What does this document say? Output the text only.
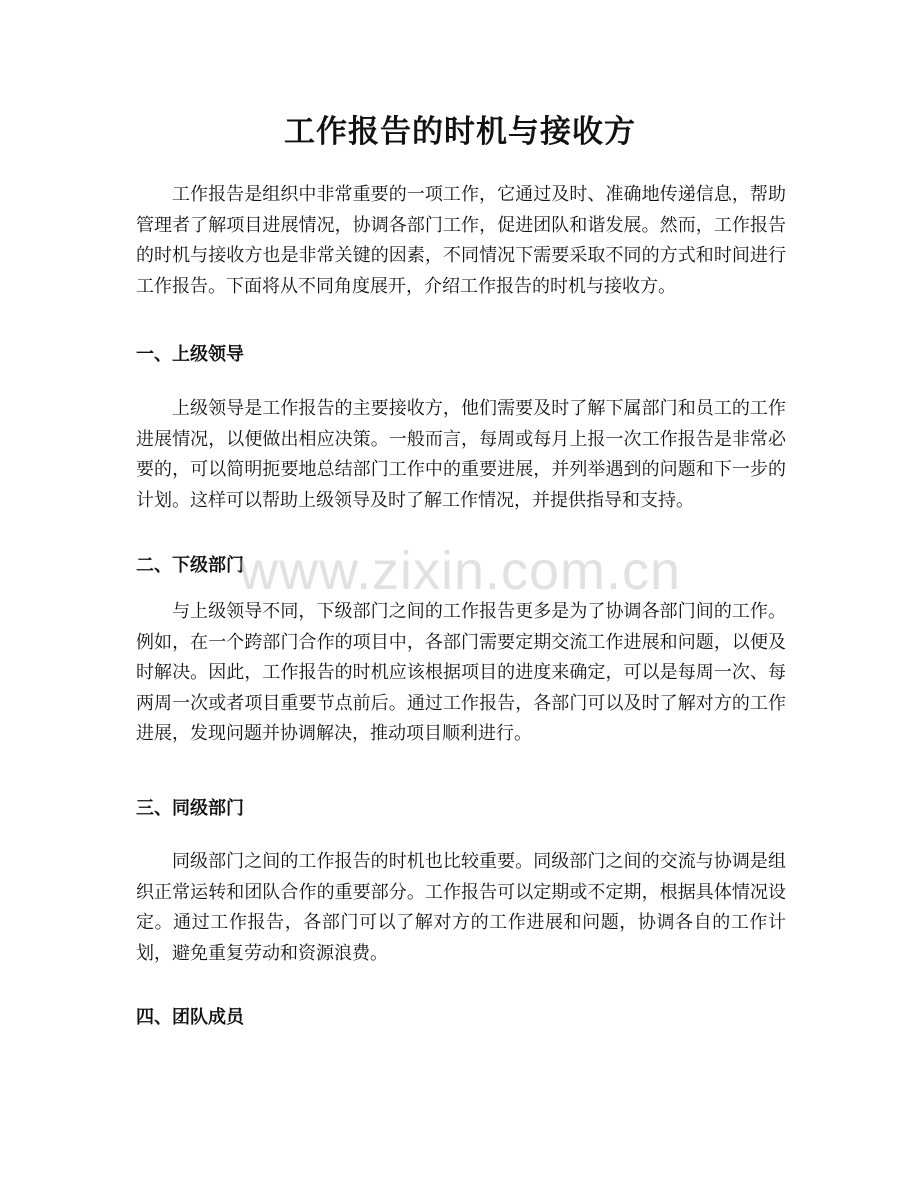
工作报告的时机与接收方

工作报告是组织中非常重要的一项工作，它通过及时、准确地传递信息，帮助管理者了解项目进展情况，协调各部门工作，促进团队和谐发展。然而，工作报告的时机与接收方也是非常关键的因素，不同情况下需要采取不同的方式和时间进行工作报告。下面将从不同角度展开，介绍工作报告的时机与接收方。

一、上级领导

上级领导是工作报告的主要接收方，他们需要及时了解下属部门和员工的工作进展情况，以便做出相应决策。一般而言，每周或每月上报一次工作报告是非常必要的，可以简明扼要地总结部门工作中的重要进展，并列举遇到的问题和下一步的计划。这样可以帮助上级领导及时了解工作情况，并提供指导和支持。

二、下级部门

与上级领导不同，下级部门之间的工作报告更多是为了协调各部门间的工作。例如，在一个跨部门合作的项目中，各部门需要定期交流工作进展和问题，以便及时解决。因此，工作报告的时机应该根据项目的进度来确定，可以是每周一次、每两周一次或者项目重要节点前后。通过工作报告，各部门可以及时了解对方的工作进展，发现问题并协调解决，推动项目顺利进行。

三、同级部门

同级部门之间的工作报告的时机也比较重要。同级部门之间的交流与协调是组织正常运转和团队合作的重要部分。工作报告可以定期或不定期，根据具体情况设定。通过工作报告，各部门可以了解对方的工作进展和问题，协调各自的工作计划，避免重复劳动和资源浪费。

四、团队成员
www.zixin.com.cn
